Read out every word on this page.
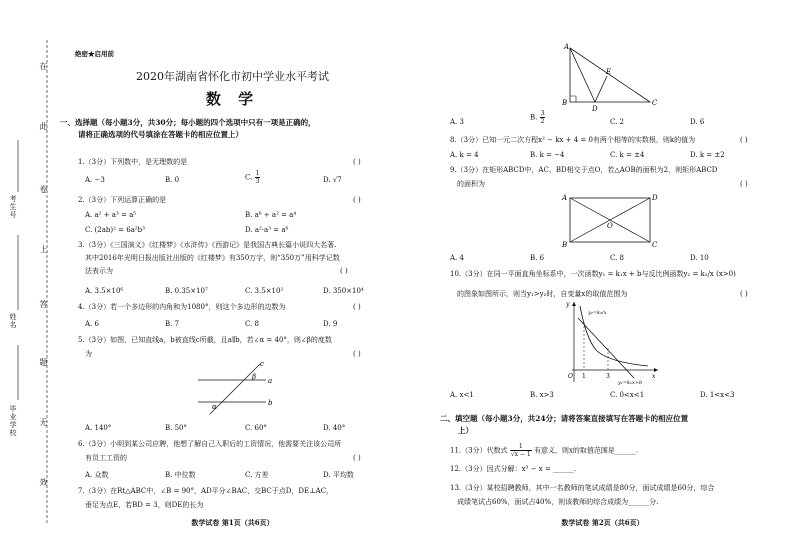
在
此
卷
上
答
题
无
效
考生号
姓名
毕业学校
绝密★启用前
2020年湖南省怀化市初中学业水平考试
数 学
一、选择题（每小题3分，共30分；每小题的四个选项中只有一项是正确的，
请将正确选项的代号填涂在答题卡的相应位置上）
1.（3分）下列数中，是无理数的是	( )
A. −3	B. 0	C. $\frac{1}{3}$	D. √7
2.（3分）下列运算正确的是	( )
A. a² + a³ = a⁵	B. a⁶ ÷ a² = a⁴
C. (2ab)² = 6a²b³	D. a²·a³ = a⁶
3.（3分）《三国演义》《红楼梦》《水浒传》《西游记》是我国古典长篇小说四大名著.
其中2016年光明日报出版社出版的《红楼梦》有350万字，则“350万”用科学记数
法表示为	( )
A. 3.5×10⁶	B. 0.35×10⁷	C. 3.5×10²	D. 350×10⁴
4.（3分）若一个多边形的内角和为1080°，则这个多边形的边数为	( )
A. 6	B. 7	C. 8	D. 9
5.（3分）如图，已知直线a，b被直线c所截，且a∥b，若∠α = 40°，则∠β的度数
为	( )
c
β a
α	b
A. 140°	B. 50°	C. 60°	D. 40°
6.（3分）小明到某公司应聘，他想了解自己入职后的工资情况，他需要关注该公司所
有员工工资的	( )
A. 众数	B. 中位数	C. 方差	D. 平均数
7.（3分）在Rt△ABC中，∠B = 90°，AD平分∠BAC，交BC于点D，DE⊥AC，
垂足为点E，若BD = 3，则DE的长为
数学试卷 第1页（共6页）
A
E
B
D
C
A. 3
B. $\frac{3}{2}$	C. 2	D. 6
8.（3分）已知一元二次方程x² − kx + 4 = 0有两个相等的实数根，则k的值为	( )
A. k = 4	B. k = −4	C. k = ±4	D. k = ±2
9.（3分）在矩形ABCD中，AC、BD相交于点O，若△AOB的面积为2，则矩形ABCD
的面积为	( )
A	D
O
B	C
A. 4	B. 6	C. 8	D. 10
10.（3分）在同一平面直角坐标系中，一次函数y₁ = k₁x + b与反比例函数y₂ = k₂/x (x>0)
的图象如图所示，则当y₁>y₂时，自变量x的取值范围为	( )
y
y₂=k₂/x
O 1	3	x
y₁=k₁x+b
A. x<1	B. x>3	C. 0<x<1	D. 1<x<3
二、填空题（每小题3分，共24分；请将答案直接填写在答题卡的相应位置
上）
11.（3分）代数式 $\frac{1}{√x - 1}$ 有意义，则x的取值范围是______.
12.（3分）因式分解：x³ − x = ______.
13.（3分）某校招聘教师，其中一名教师的笔试成绩是80分，面试成绩是60分，综合
成绩笔试占60%，面试占40%，则该教师的综合成绩为______分.
数学试卷 第2页（共6页）
